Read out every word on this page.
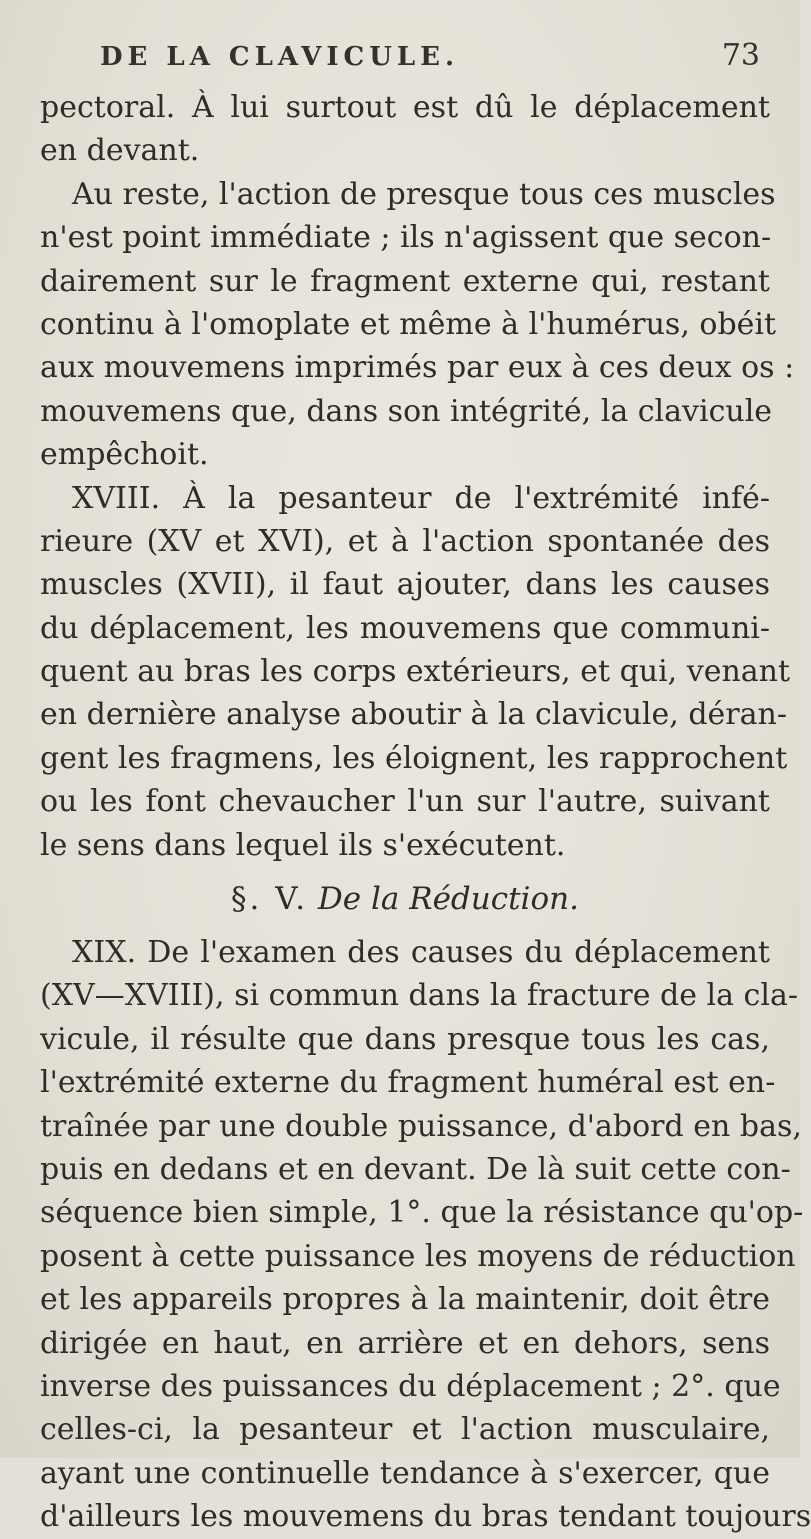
DE LA CLAVICULE.	73
pectoral. À lui surtout est dû le déplacement
en devant.
Au reste, l'action de presque tous ces muscles
n'est point immédiate ; ils n'agissent que secon-
dairement sur le fragment externe qui, restant
continu à l'omoplate et même à l'humérus, obéit
aux mouvemens imprimés par eux à ces deux os :
mouvemens que, dans son intégrité, la clavicule
empêchoit.
XVIII. À la pesanteur de l'extrémité infé-
rieure (XV et XVI), et à l'action spontanée des
muscles (XVII), il faut ajouter, dans les causes
du déplacement, les mouvemens que communi-
quent au bras les corps extérieurs, et qui, venant
en dernière analyse aboutir à la clavicule, déran-
gent les fragmens, les éloignent, les rapprochent
ou les font chevaucher l'un sur l'autre, suivant
le sens dans lequel ils s'exécutent.
§. V. De la Réduction.
XIX. De l'examen des causes du déplacement
(XV—XVIII), si commun dans la fracture de la cla-
vicule, il résulte que dans presque tous les cas,
l'extrémité externe du fragment huméral est en-
traînée par une double puissance, d'abord en bas,
puis en dedans et en devant. De là suit cette con-
séquence bien simple, 1°. que la résistance qu'op-
posent à cette puissance les moyens de réduction
et les appareils propres à la maintenir, doit être
dirigée en haut, en arrière et en dehors, sens
inverse des puissances du déplacement ; 2°. que
celles-ci, la pesanteur et l'action musculaire,
ayant une continuelle tendance à s'exercer, que
d'ailleurs les mouvemens du bras tendant toujours
